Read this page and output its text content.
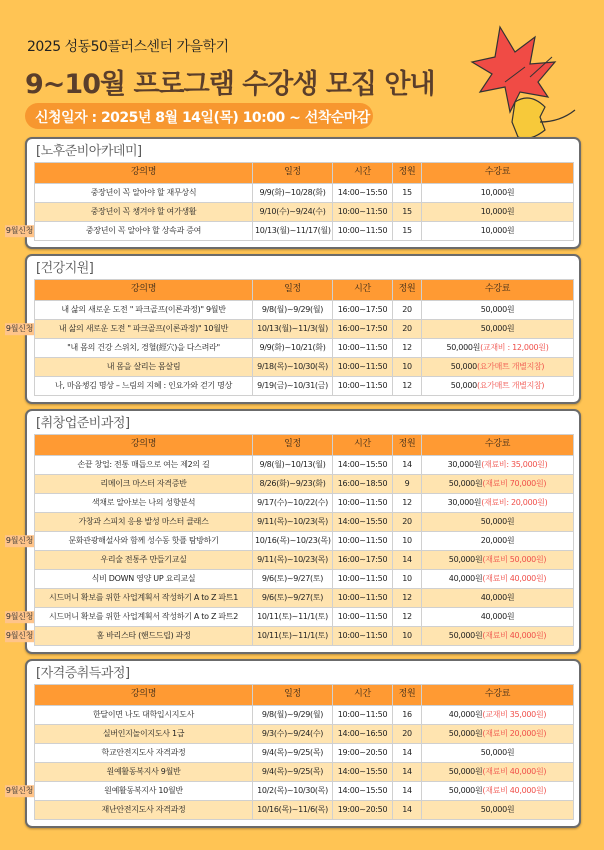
2025 성동50플러스센터 가을학기
9~10월 프로그램 수강생 모집 안내
신청일자 : 2025년 8월 14일(목) 10:00 ~ 선착순마감
[노후준비아카데미]
강의명	일정	시간	정원	수강료
중장년이 꼭 알아야 할 재무상식	9/9(화)~10/28(화)	14:00~15:50	15	10,000원
중장년이 꼭 챙겨야 할 여가생활	9/10(수)~9/24(수)	10:00~11:50	15	10,000원

9월신청 중장년이 꼭 알아야 할 상속과 증여	10/13(월)~11/17(월)	10:00~11:50	15	10,000원
[건강지원]
강의명	일정	시간	정원	수강료
내 삶의 새로운 도전 " 파크골프(이론과정)" 9월반	9/8(월)~9/29(월)	16:00~17:50	20	50,000원

9월신청 내 삶의 새로운 도전 " 파크골프(이론과정)" 10월반	10/13(월)~11/3(월)	16:00~17:50	20	50,000원
"내 몸의 건강 스위치, 경혈(經穴)을 다스려라"	9/9(화)~10/21(화)	10:00~11:50	12	50,000원(교재비 : 12,000원)
내 몸을 살리는 몸살림	9/18(목)~10/30(목)	10:00~11:50	10	50,000(요가매트 개별지참)
나, 마음챙김 명상 – 느림의 지혜 : 인요가와 걷기 명상	9/19(금)~10/31(금)	10:00~11:50	12	50,000(요가매트 개별지참)
[취창업준비과정]
강의명	일정	시간	정원	수강료
손끝 창업: 전통 매듭으로 여는 제2의 길	9/8(월)~10/13(월)	14:00~15:50	14	30,000원(재료비: 35,000원)
리메이크 마스터 자격증반	8/26(화)~9/23(화)	16:00~18:50	9	50,000원(재료비 70,000원)
색채로 알아보는 나의 성향분석	9/17(수)~10/22(수)	10:00~11:50	12	30,000원(재료비: 20,000원)
가창과 스피치 응용 발성 마스터 클래스	9/11(목)~10/23(목)	14:00~15:50	20	50,000원

9월신청 문화관광해설사와 함께 성수동 핫플 탐방하기	10/16(목)~10/23(목)	10:00~11:50	10	20,000원
우리술 전통주 만들기교실	9/11(목)~10/23(목)	16:00~17:50	14	50,000원(재료비 50,000원)
식비 DOWN 영양 UP 요리교실	9/6(토)~9/27(토)	10:00~11:50	10	40,000원(재료비 40,000원)
시드머니 확보를 위한 사업계획서 작성하기 A to Z 파트1	9/6(토)~9/27(토)	10:00~11:50	12	40,000원

9월신청 시드머니 확보를 위한 사업계획서 작성하기 A to Z 파트2	10/11(토)~11/1(토)	10:00~11:50	12	40,000원

9월신청 홈 바리스타 (핸드드립) 과정	10/11(토)~11/1(토)	10:00~11:50	10	50,000원(재료비 40,000원)
[자격증취득과정]
강의명	일정	시간	정원	수강료
한달이면 나도 대학입시지도사	9/8(월)~9/29(월)	10:00~11:50	16	40,000원(교재비 35,000원)
실버인지놀이지도사 1급	9/3(수)~9/24(수)	14:00~16:50	20	50,000원(재료비 20,000원)
학교안전지도사 자격과정	9/4(목)~9/25(목)	19:00~20:50	14	50,000원
원예활동복지사 9월반	9/4(목)~9/25(목)	14:00~15:50	14	50,000원(재료비 40,000원)

9월신청 원예활동복지사 10월반	10/2(목)~10/30(목)	14:00~15:50	14	50,000원(재료비 40,000원)
재난안전지도사 자격과정	10/16(목)~11/6(목)	19:00~20:50	14	50,000원
